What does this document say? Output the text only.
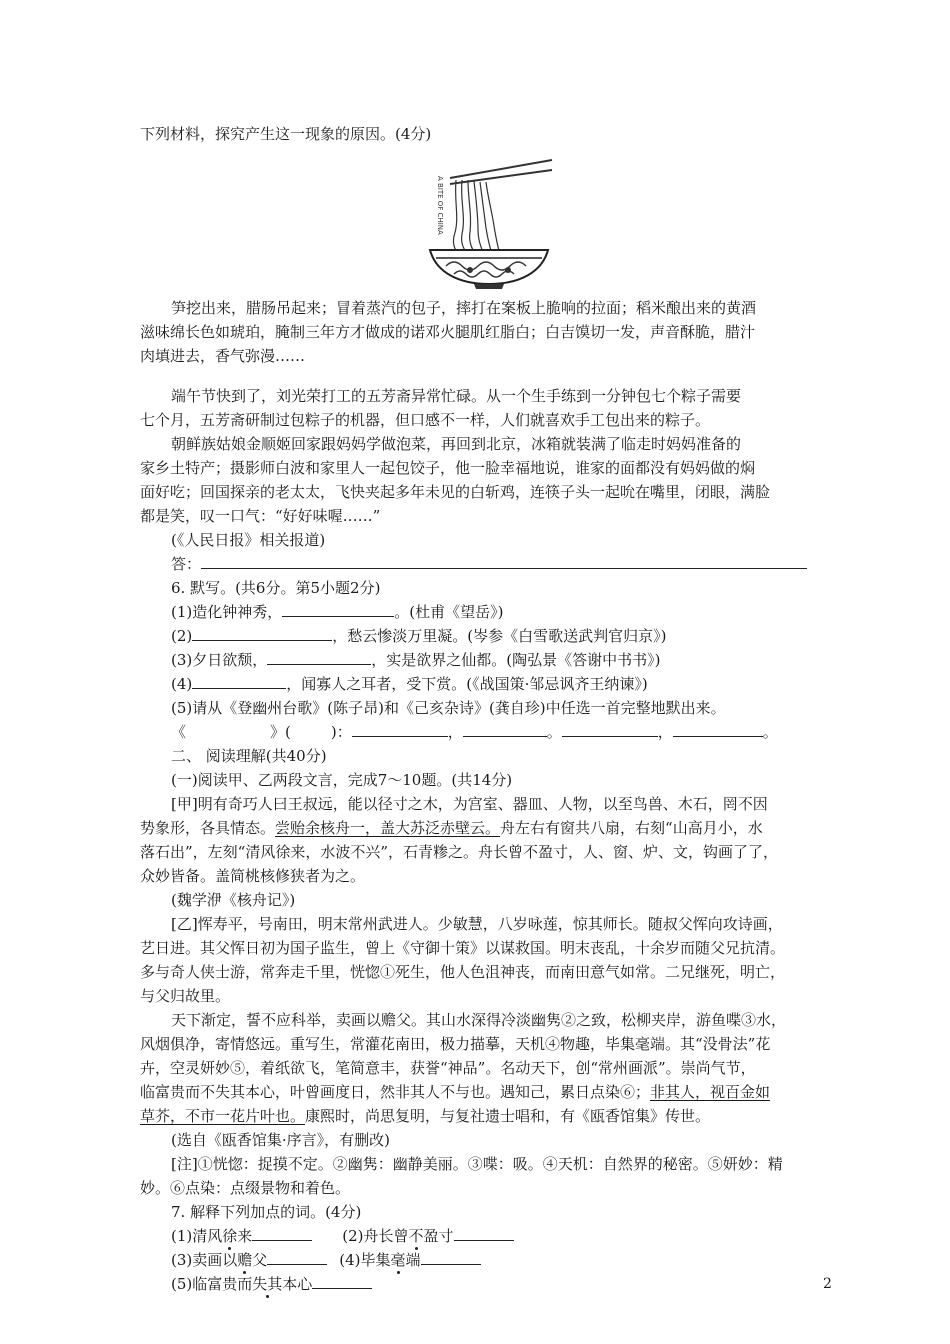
下列材料，探究产生这一现象的原因。(4分)
A BITE OF CHINA
笋挖出来，腊肠吊起来；冒着蒸汽的包子，摔打在案板上脆响的拉面；稻米酿出来的黄酒
滋味绵长色如琥珀，腌制三年方才做成的诺邓火腿肌红脂白；白吉馍切一发，声音酥脆，腊汁
肉填进去，香气弥漫……
端午节快到了，刘光荣打工的五芳斋异常忙碌。从一个生手练到一分钟包七个粽子需要
七个月，五芳斋研制过包粽子的机器，但口感不一样，人们就喜欢手工包出来的粽子。
朝鲜族姑娘金顺姬回家跟妈妈学做泡菜，再回到北京，冰箱就装满了临走时妈妈准备的
家乡土特产；摄影师白波和家里人一起包饺子，他一脸幸福地说，谁家的面都没有妈妈做的焖
面好吃；回国探亲的老太太，飞快夹起多年未见的白斩鸡，连筷子头一起吮在嘴里，闭眼，满脸
都是笑，叹一口气：“好好味喔……”
(《人民日报》相关报道)
答：
6. 默写。(共6分。第5小题2分)
(1)造化钟神秀，	。(杜甫《望岳》)
(2)	，愁云惨淡万里凝。(岑参《白雪歌送武判官归京》)
(3)夕日欲颓，	，实是欲界之仙都。(陶弘景《答谢中书书》)
(4)	，闻寡人之耳者，受下赏。(《战国策·邹忌讽齐王纳谏》)
(5)请从《登幽州台歌》(陈子昂)和《己亥杂诗》(龚自珍)中任选一首完整地默出来。
《	》(	)：	，	。	，	。
二、 阅读理解(共40分)
(一)阅读甲、乙两段文言，完成7～10题。(共14分)
[甲]明有奇巧人曰王叔远，能以径寸之木，为宫室、器皿、人物，以至鸟兽、木石，罔不因
势象形，各具情态。尝贻余核舟一，盖大苏泛赤壁云。舟左右有窗共八扇，右刻“山高月小，水
落石出”，左刻“清风徐来，水波不兴”，石青糁之。舟长曾不盈寸，人、窗、炉、文，钩画了了，
众妙皆备。盖简桃核修狭者为之。
(魏学洢《核舟记》)
[乙]恽寿平，号南田，明末常州武进人。少敏慧，八岁咏莲，惊其师长。随叔父恽向攻诗画，
艺日进。其父恽日初为国子监生，曾上《守御十策》以谋救国。明末丧乱，十余岁而随父兄抗清。
多与奇人侠士游，常奔走千里，恍惚①死生，他人色沮神丧，而南田意气如常。二兄继死，明亡，
与父归故里。
天下渐定，誓不应科举，卖画以赡父。其山水深得冷淡幽隽②之致，松柳夹岸，游鱼喋③水，
风烟俱净，寄情悠远。重写生，常灌花南田，极力描摹，天机④物趣，毕集毫端。其“没骨法”花
卉，空灵妍妙⑤，着纸欲飞，笔简意丰，获誉“神品”。名动天下，创“常州画派”。崇尚气节，
临富贵而不失其本心，叶曾画度日，然非其人不与也。遇知己，累日点染⑥；非其人，视百金如
草芥，不市一花片叶也。康熙时，尚思复明，与复社遗士唱和，有《瓯香馆集》传世。
(选自《瓯香馆集·序言》，有删改)
[注]①恍惚：捉摸不定。②幽隽：幽静美丽。③喋：吸。④天机：自然界的秘密。⑤妍妙：精
妙。⑥点染：点缀景物和着色。
7. 解释下列加点的词。(4分)
(1)清风徐来	(2)舟长曾不盈寸
(3)卖画以赡父	(4)毕集毫端
(5)临富贵而失其本心	2
